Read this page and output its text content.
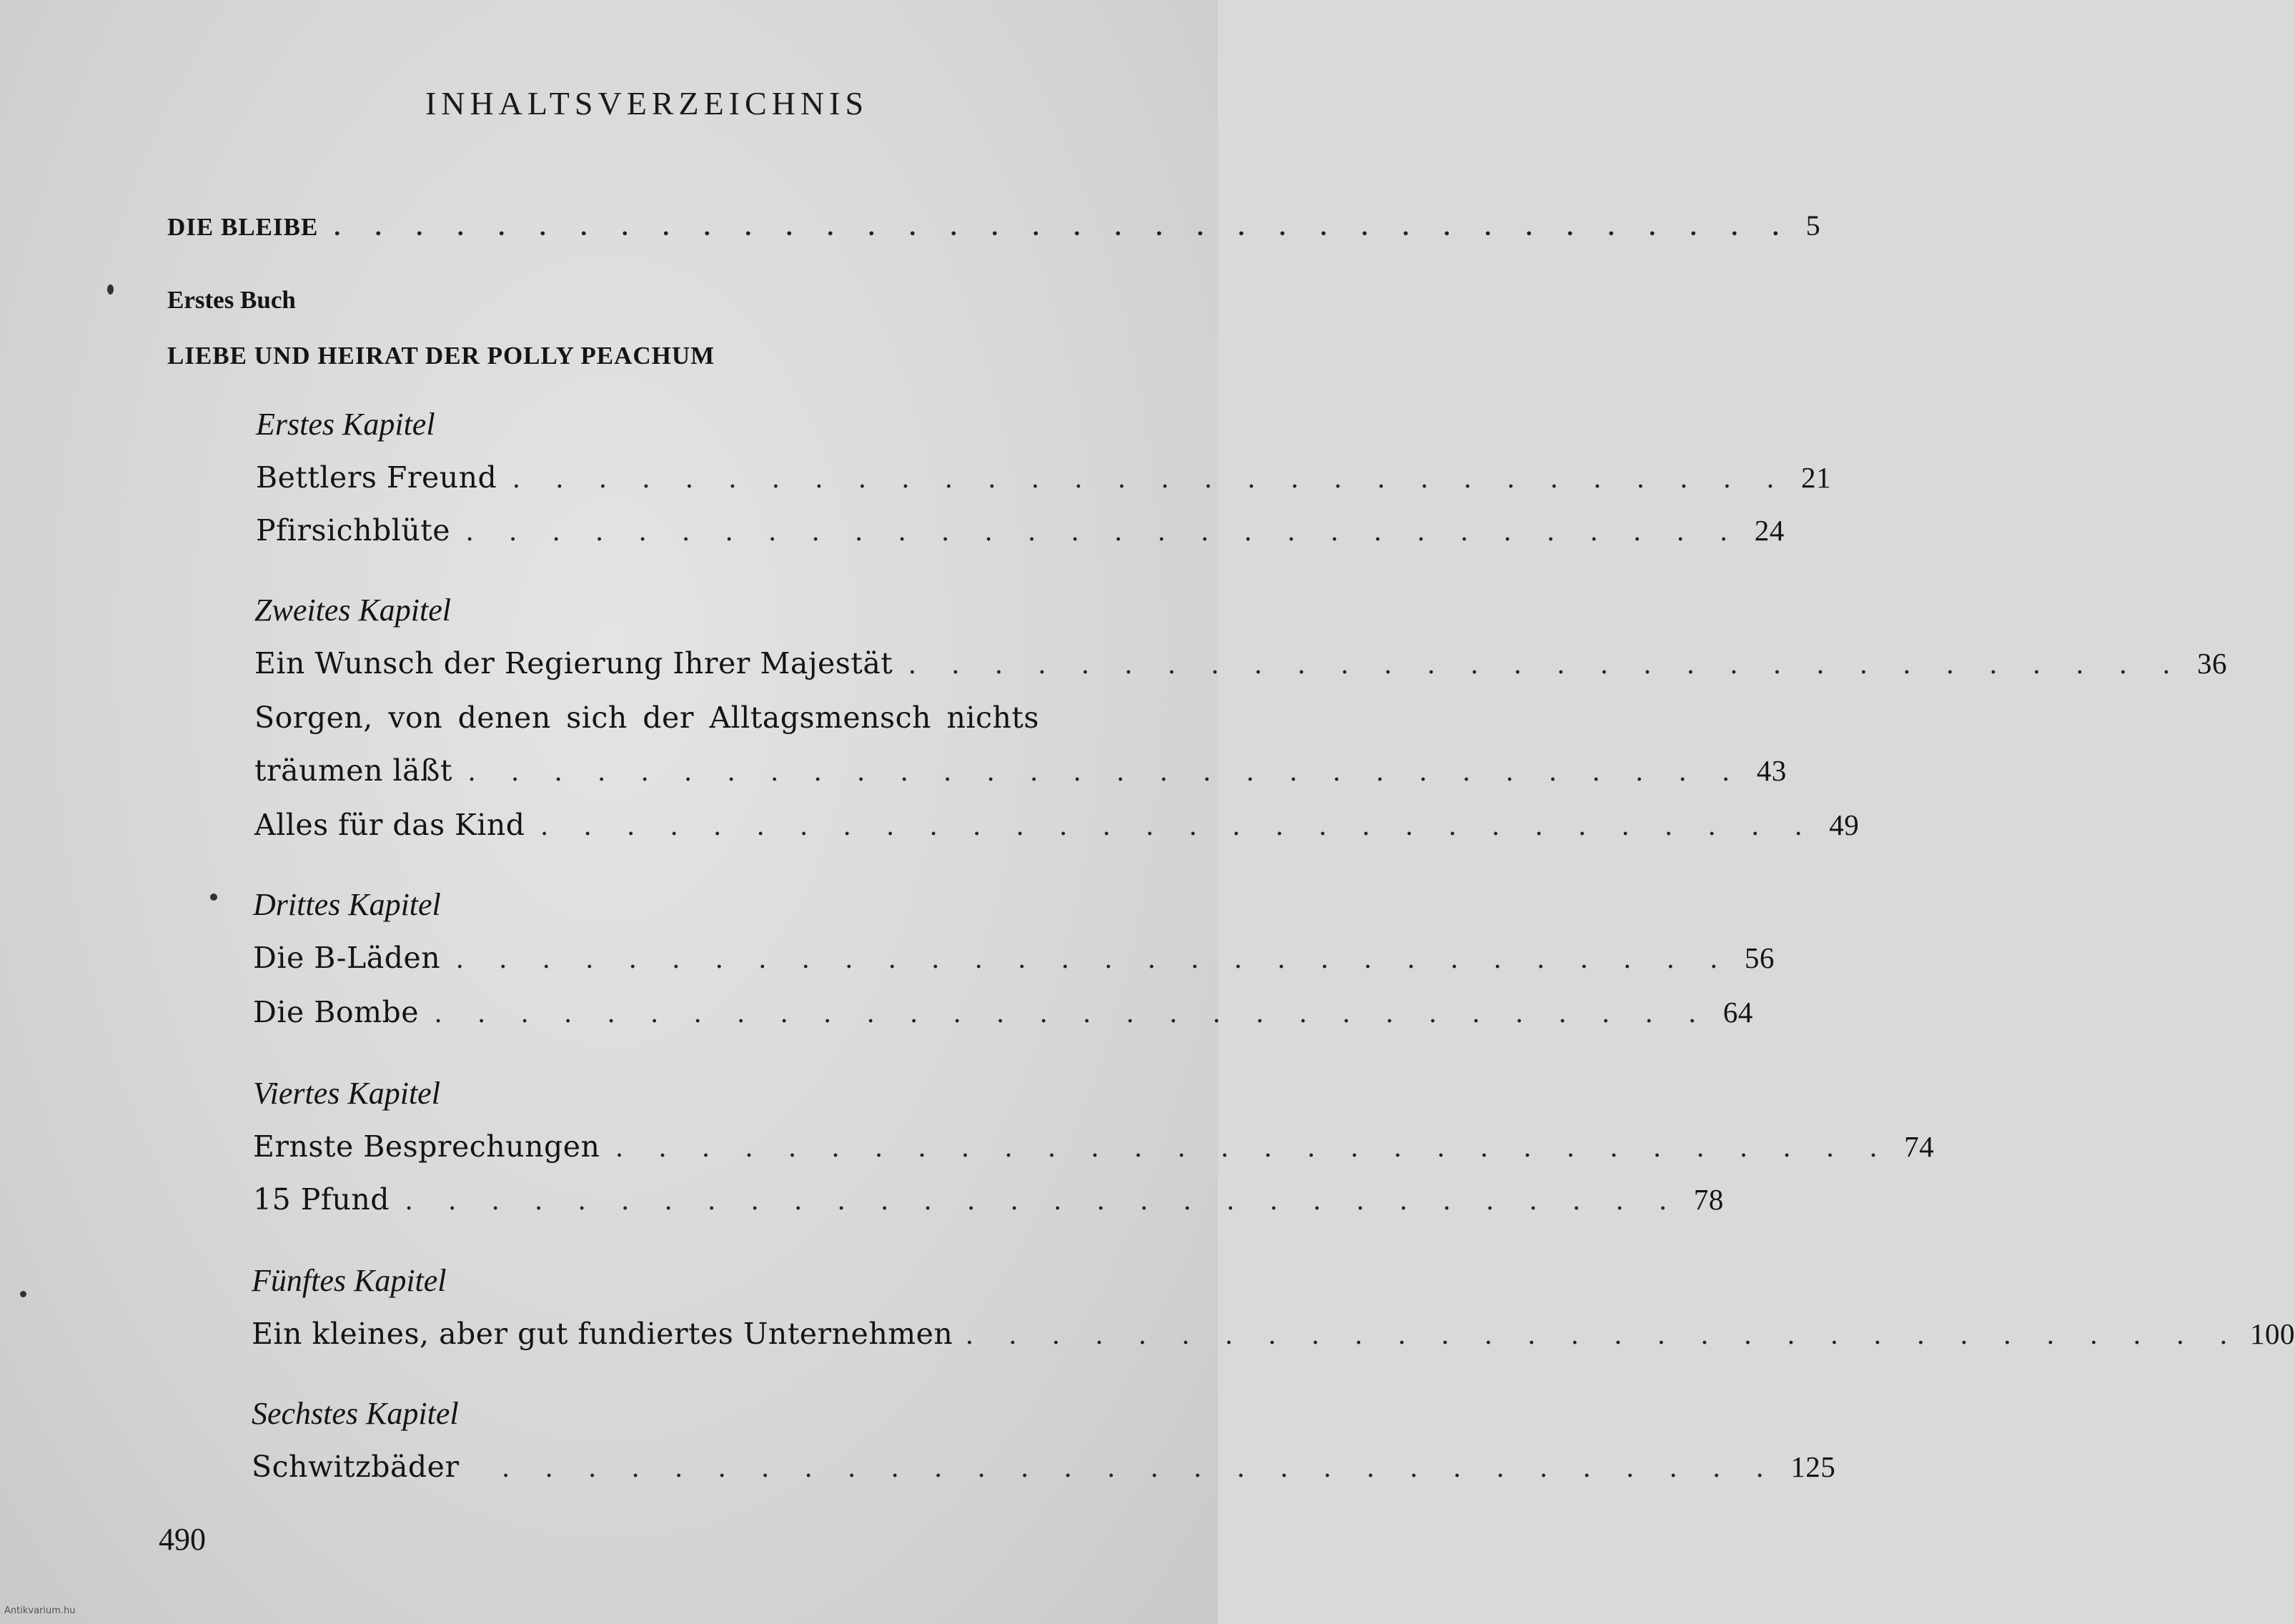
INHALTSVERZEICHNIS
DIE BLEIBE . . . . . . . . . . . . . . . . . . . . . . . . . . . . . . . . . . . . 5
Erstes Buch
LIEBE UND HEIRAT DER POLLY PEACHUM
Erstes Kapitel
Bettlers Freund . . . . . . . . . . . . . . . . . . . . . . . . . . . . . . 21
Pfirsichblüte . . . . . . . . . . . . . . . . . . . . . . . . . . . . . . 24
Zweites Kapitel
Ein Wunsch der Regierung Ihrer Majestät . . . . . . . . . . . . . . . . . . . . . . . . . . . . . . 36
Sorgen, von denen sich der Alltagsmensch nichts
träumen läßt . . . . . . . . . . . . . . . . . . . . . . . . . . . . . . 43
Alles für das Kind . . . . . . . . . . . . . . . . . . . . . . . . . . . . . . 49
Drittes Kapitel
Die B-Läden . . . . . . . . . . . . . . . . . . . . . . . . . . . . . . 56
Die Bombe . . . . . . . . . . . . . . . . . . . . . . . . . . . . . . 64
Viertes Kapitel
Ernste Besprechungen . . . . . . . . . . . . . . . . . . . . . . . . . . . . . . 74
15 Pfund . . . . . . . . . . . . . . . . . . . . . . . . . . . . . . 78
Fünftes Kapitel
Ein kleines, aber gut fundiertes Unternehmen . . . . . . . . . . . . . . . . . . . . . . . . . . . . . . 100
Sechstes Kapitel
Schwitzbäder . . . . . . . . . . . . . . . . . . . . . . . . . . . . . . 125
490
Antikvarium.hu
